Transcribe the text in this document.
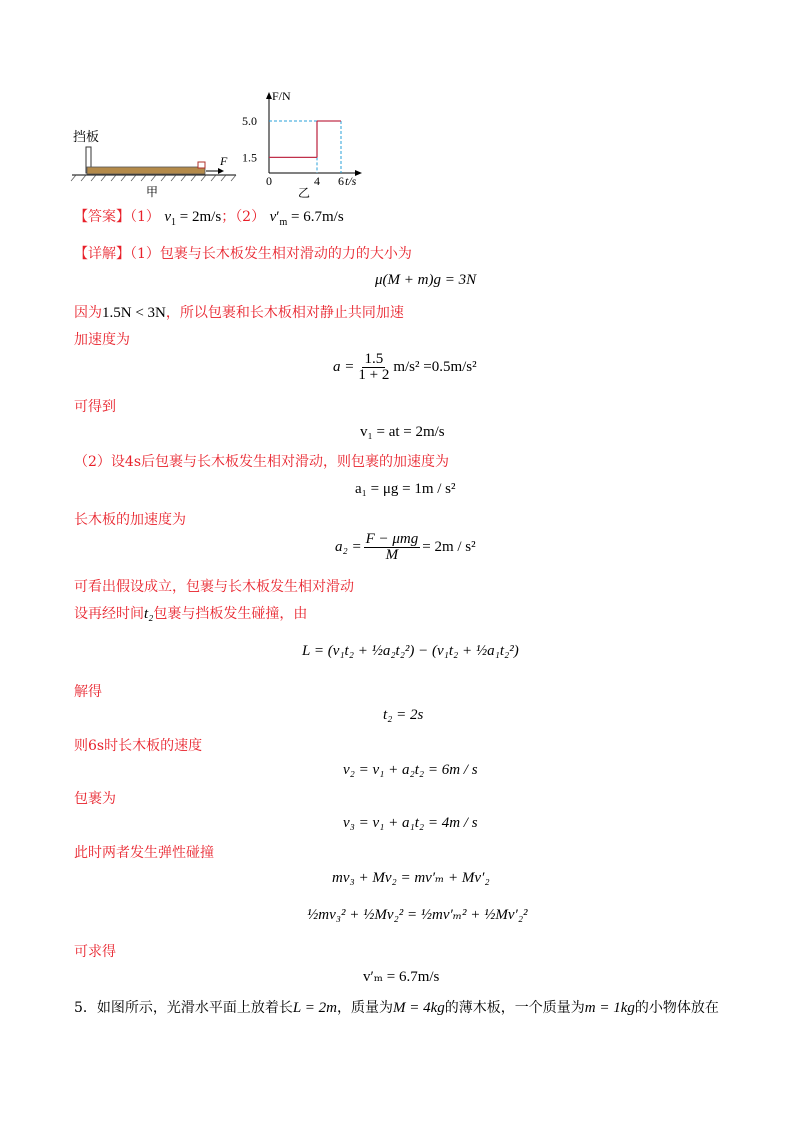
挡板
F
甲
F/N
t/s
5.0
1.5
0	4 6
乙
【答案】（1） $v_1 = 2m/s$；（2） $v'_m = 6.7m/s$
【详解】（1）包裹与长木板发生相对滑动的力的大小为
μ(M + m)g = 3N
因为1.5N < 3N，所以包裹和长木板相对静止共同加速
加速度为
$a = \frac{1.5}{1 + 2} m/s^2 =0.5m/s^2$
可得到
v₁ = at = 2m/s
（2）设4s后包裹与长木板发生相对滑动，则包裹的加速度为
a₁ = μg = 1m / s²
长木板的加速度为
$a_2 = \frac{\text{F − μmg}}{M} = 2m / s^2$
可看出假设成立，包裹与长木板发生相对滑动
设再经时间t₂包裹与挡板发生碰撞，由
L = (v₁t₂ + ½a₂t₂²) − (v₁t₂ + ½a₁t₂²)
解得
t₂ = 2s
则6s时长木板的速度
v₂ = v₁ + a₂t₂ = 6m / s
包裹为
v₃ = v₁ + a₁t₂ = 4m / s
此时两者发生弹性碰撞
mv₃ + Mv₂ = mv′ₘ + Mv′₂
½mv₃² + ½Mv₂² = ½mv′ₘ² + ½Mv′₂²
可求得
v′ₘ = 6.7m/s
5．如图所示，光滑水平面上放着长L = 2m，质量为M = 4kg的薄木板，一个质量为m = 1kg的小物体放在
